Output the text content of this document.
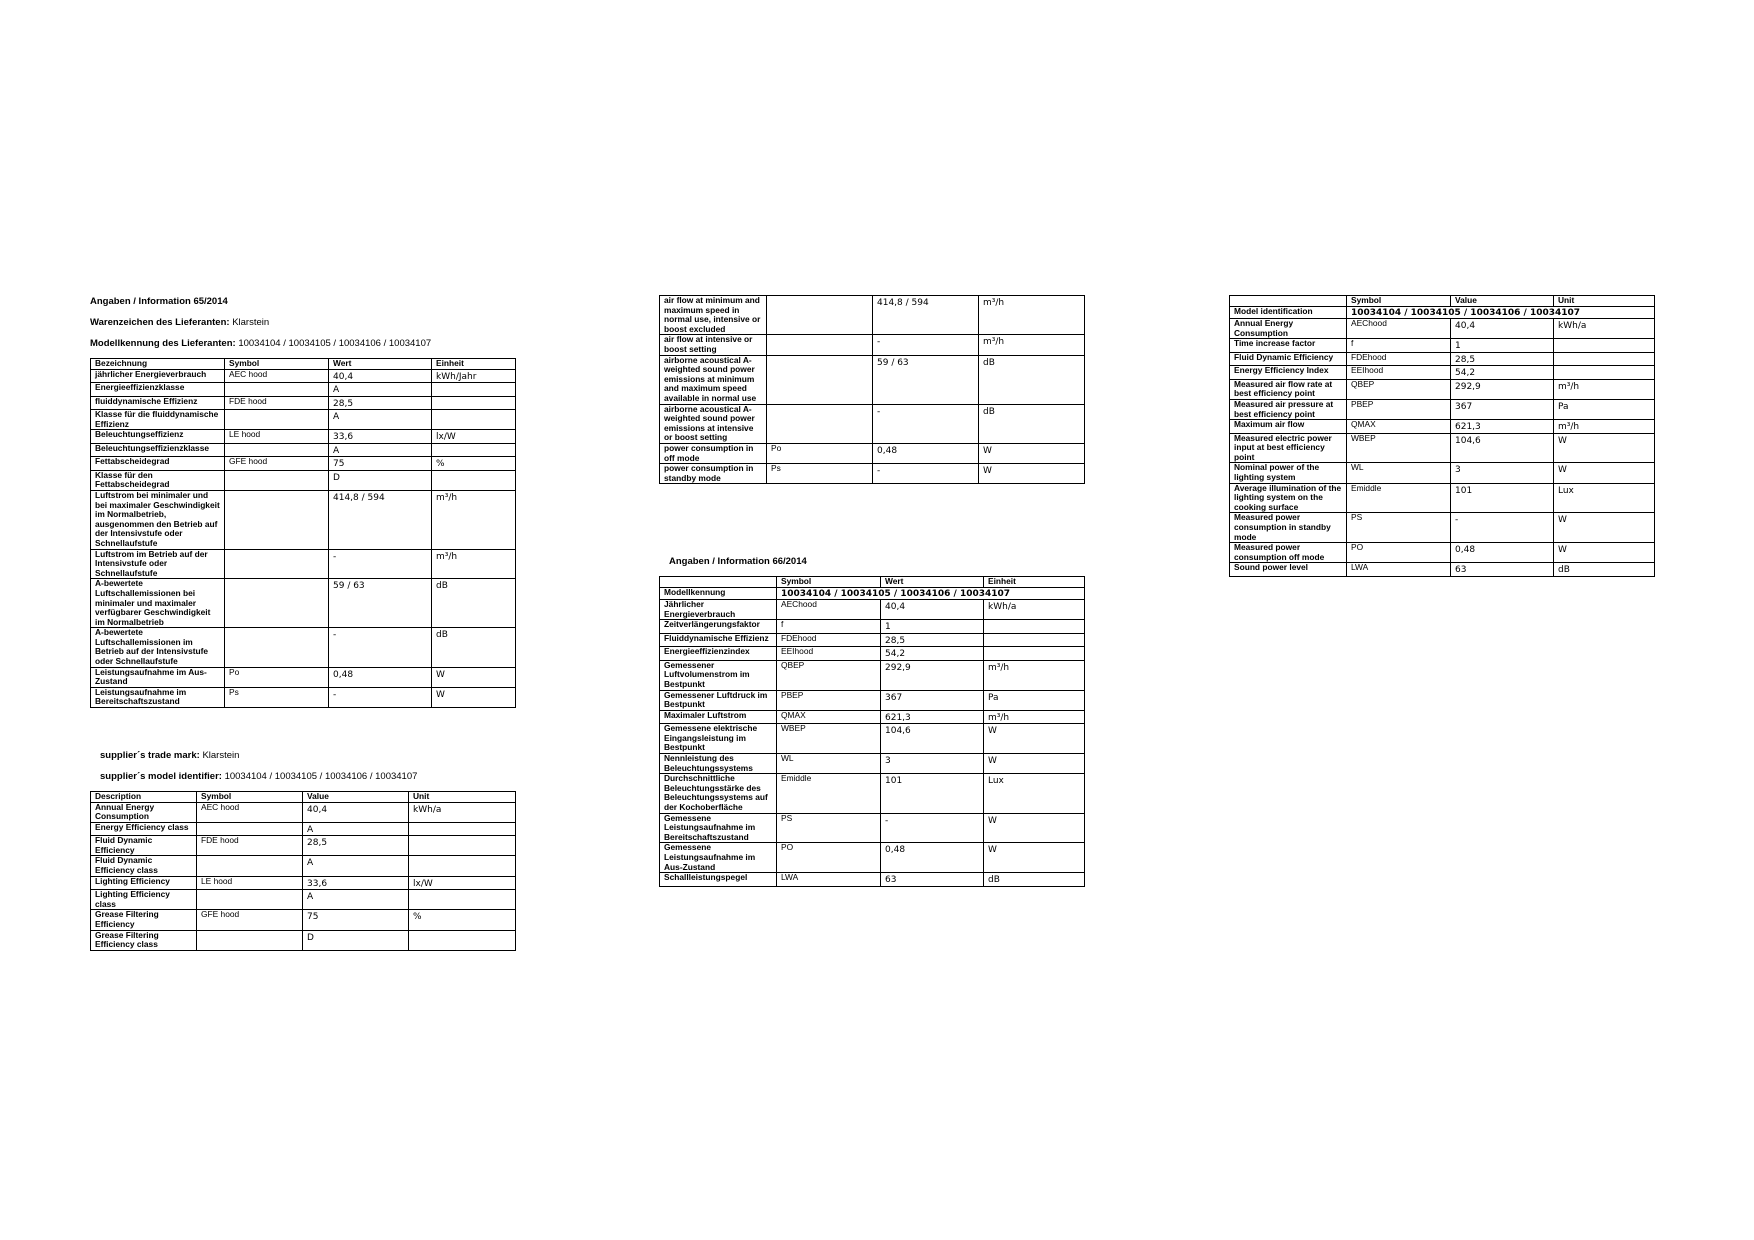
Angaben / Information 65/2014
Warenzeichen des Lieferanten: Klarstein
Modellkennung des Lieferanten: 10034104 / 10034105 / 10034106 / 10034107
Bezeichnung	Symbol	Wert	Einheit
jährlicher Energieverbrauch	AEC hood	40,4	kWh/Jahr
Energieeffizienzklasse		A	
fluiddynamische Effizienz	FDE hood	28,5	
Klasse für die fluiddynamische Effizienz		A	
Beleuchtungseffizienz	LE hood	33,6	lx/W
Beleuchtungseffizienzklasse		A	
Fettabscheidegrad	GFE hood	75	%
Klasse für den Fettabscheidegrad		D	
Luftstrom bei minimaler und bei maximaler Geschwindigkeit im Normalbetrieb, ausgenommen den Betrieb auf der Intensivstufe oder Schnellaufstufe		414,8 / 594	m³/h
Luftstrom im Betrieb auf der Intensivstufe oder Schnellaufstufe		-	m³/h
A-bewertete Luftschallemissionen bei minimaler und maximaler verfügbarer Geschwindigkeit im Normalbetrieb		59 / 63	dB
A-bewertete Luftschallemissionen im Betrieb auf der Intensivstufe oder Schnellaufstufe		-	dB
Leistungsaufnahme im Aus-Zustand	Po	0,48	W
Leistungsaufnahme im Bereitschaftszustand	Ps	-	W
supplier´s trade mark: Klarstein
supplier´s model identifier: 10034104 / 10034105 / 10034106 / 10034107
Description	Symbol	Value	Unit
Annual Energy Consumption	AEC hood	40,4	kWh/a
Energy Efficiency class		A	
Fluid Dynamic Efficiency	FDE hood	28,5	
Fluid Dynamic Efficiency class		A	
Lighting Efficiency	LE hood	33,6	lx/W
Lighting Efficiency class		A	
Grease Filtering Efficiency	GFE hood	75	%
Grease Filtering Efficiency class		D	
air flow at minimum and maximum speed in normal use, intensive or boost excluded		414,8 / 594	m³/h
air flow at intensive or boost setting		-	m³/h
airborne acoustical A-weighted sound power emissions at minimum and maximum speed available in normal use		59 / 63	dB
airborne acoustical A-weighted sound power emissions at intensive or boost setting		-	dB
power consumption in off mode	Po	0,48	W
power consumption in standby mode	Ps	-	W
Angaben / Information 66/2014
	Symbol	Wert	Einheit
Modellkennung	10034104 / 10034105 / 10034106 / 10034107		
Jährlicher Energieverbrauch	AEChood	40,4	kWh/a
Zeitverlängerungsfaktor	f	1	
Fluiddynamische Effizienz	FDEhood	28,5	
Energieeffizienzindex	EEIhood	54,2	
Gemessener Luftvolumenstrom im Bestpunkt	QBEP	292,9	m³/h
Gemessener Luftdruck im Bestpunkt	PBEP	367	Pa
Maximaler Luftstrom	QMAX	621,3	m³/h
Gemessene elektrische Eingangsleistung im Bestpunkt	WBEP	104,6	W
Nennleistung des Beleuchtungssystems	WL	3	W
Durchschnittliche Beleuchtungsstärke des Beleuchtungssystems auf der Kochoberfläche	Emiddle	101	Lux
Gemessene Leistungsaufnahme im Bereitschaftszustand	PS	-	W
Gemessene Leistungsaufnahme im Aus-Zustand	PO	0,48	W
Schallleistungspegel	LWA	63	dB
	Symbol	Value	Unit
Model identification	10034104 / 10034105 / 10034106 / 10034107		
Annual Energy Consumption	AEChood	40,4	kWh/a
Time increase factor	f	1	
Fluid Dynamic Efficiency	FDEhood	28,5	
Energy Efficiency Index	EEIhood	54,2	
Measured air flow rate at best efficiency point	QBEP	292,9	m³/h
Measured air pressure at best efficiency point	PBEP	367	Pa
Maximum air flow	QMAX	621,3	m³/h
Measured electric power input at best efficiency point	WBEP	104,6	W
Nominal power of the lighting system	WL	3	W
Average illumination of the lighting system on the cooking surface	Emiddle	101	Lux
Measured power consumption in standby mode	PS	-	W
Measured power consumption off mode	PO	0,48	W
Sound power level	LWA	63	dB
